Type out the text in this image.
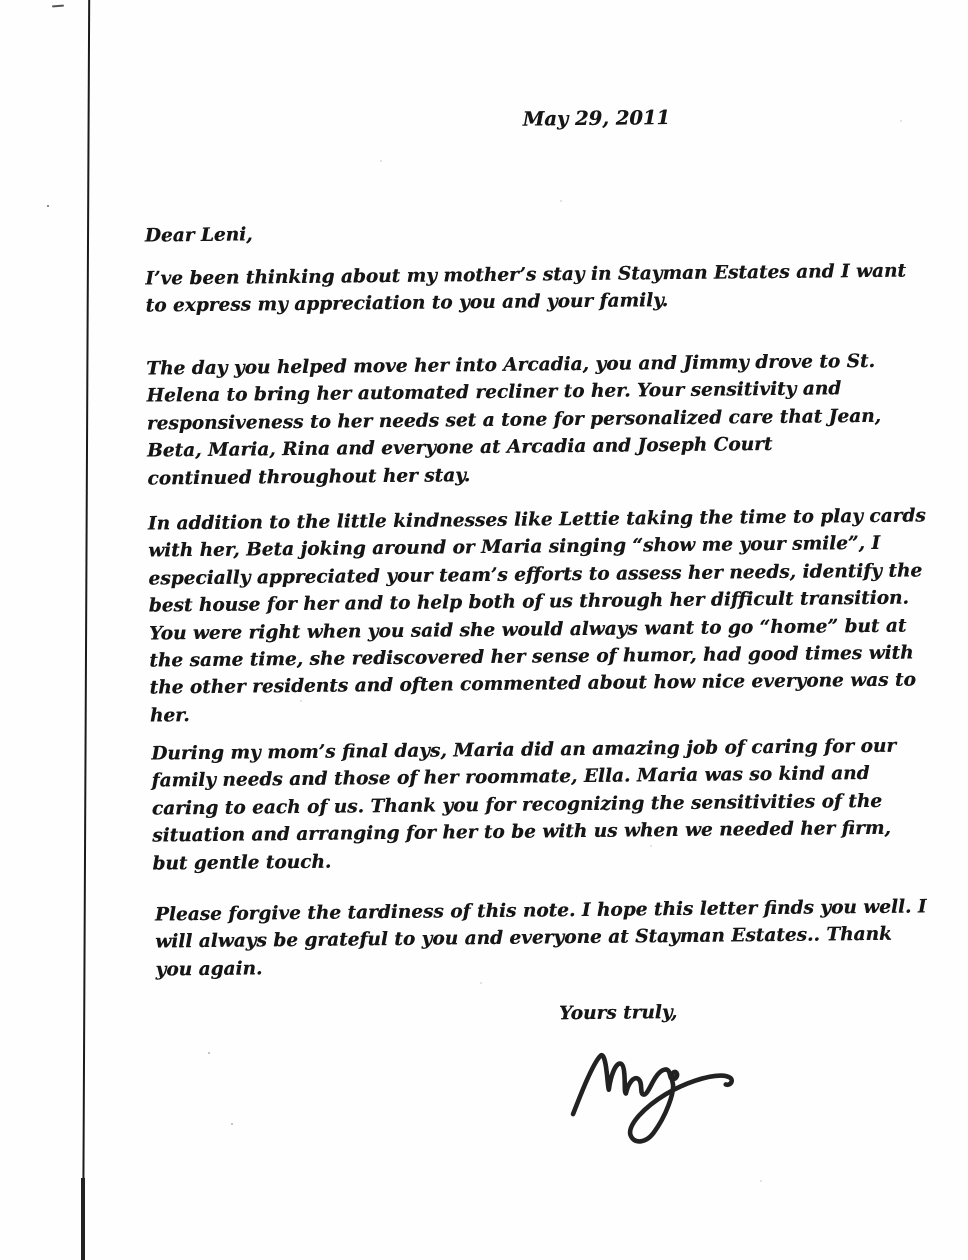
May 29, 2011
Dear Leni,

I’ve been thinking about my mother’s stay in Stayman Estates and I want
to express my appreciation to you and your family.

The day you helped move her into Arcadia, you and Jimmy drove to St.
Helena to bring her automated recliner to her. Your sensitivity and
responsiveness to her needs set a tone for personalized care that Jean,
Beta, Maria, Rina and everyone at Arcadia and Joseph Court
continued throughout her stay.

In addition to the little kindnesses like Lettie taking the time to play cards
with her, Beta joking around or Maria singing “show me your smile”, I
especially appreciated your team’s efforts to assess her needs, identify the
best house for her and to help both of us through her difficult transition.
You were right when you said she would always want to go “home” but at
the same time, she rediscovered her sense of humor, had good times with
the other residents and often commented about how nice everyone was to
her.

During my mom’s final days, Maria did an amazing job of caring for our
family needs and those of her roommate, Ella. Maria was so kind and
caring to each of us. Thank you for recognizing the sensitivities of the
situation and arranging for her to be with us when we needed her firm,
but gentle touch.

Please forgive the tardiness of this note. I hope this letter finds you well. I
will always be grateful to you and everyone at Stayman Estates.. Thank
you again.

Yours truly,
